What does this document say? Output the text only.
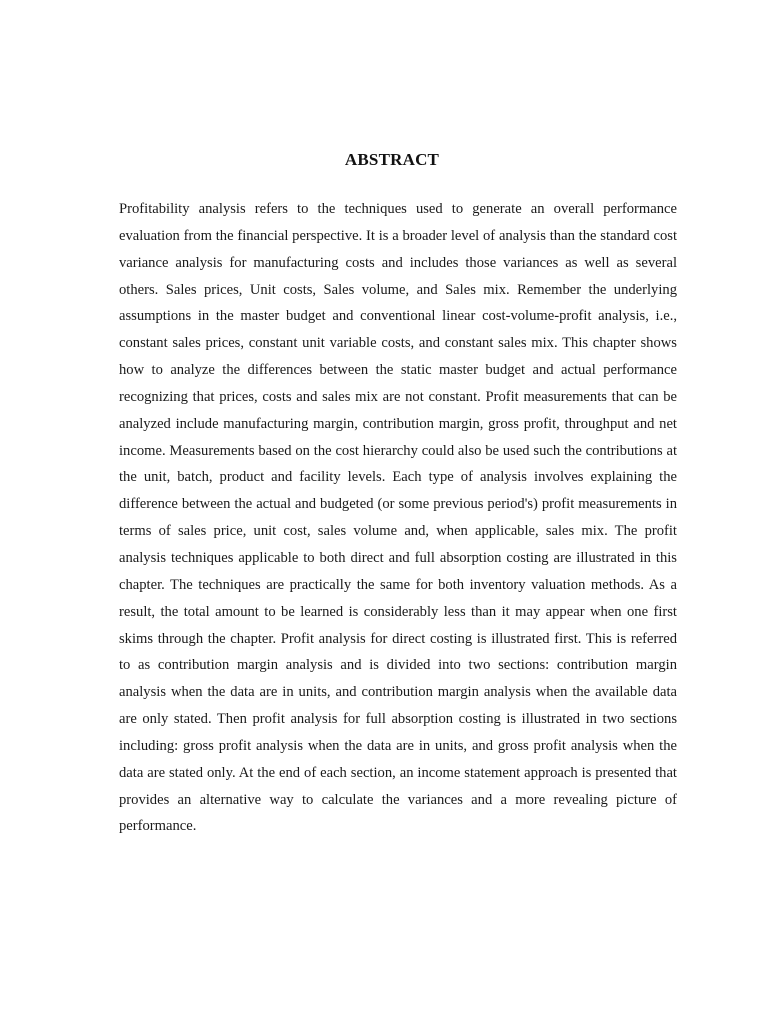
ABSTRACT

Profitability analysis refers to the techniques used to generate an overall performance evaluation from the financial perspective. It is a broader level of analysis than the standard cost variance analysis for manufacturing costs and includes those variances as well as several others. Sales prices, Unit costs, Sales volume, and Sales mix. Remember the underlying assumptions in the master budget and conventional linear cost-volume-profit analysis, i.e., constant sales prices, constant unit variable costs, and constant sales mix. This chapter shows how to analyze the differences between the static master budget and actual performance recognizing that prices, costs and sales mix are not constant. Profit measurements that can be analyzed include manufacturing margin, contribution margin, gross profit, throughput and net income. Measurements based on the cost hierarchy could also be used such the contributions at the unit, batch, product and facility levels. Each type of analysis involves explaining the difference between the actual and budgeted (or some previous period's) profit measurements in terms of sales price, unit cost, sales volume and, when applicable, sales mix. The profit analysis techniques applicable to both direct and full absorption costing are illustrated in this chapter. The techniques are practically the same for both inventory valuation methods. As a result, the total amount to be learned is considerably less than it may appear when one first skims through the chapter. Profit analysis for direct costing is illustrated first. This is referred to as contribution margin analysis and is divided into two sections: contribution margin analysis when the data are in units, and contribution margin analysis when the available data are only stated. Then profit analysis for full absorption costing is illustrated in two sections including: gross profit analysis when the data are in units, and gross profit analysis when the data are stated only. At the end of each section, an income statement approach is presented that provides an alternative way to calculate the variances and a more revealing picture of performance.
